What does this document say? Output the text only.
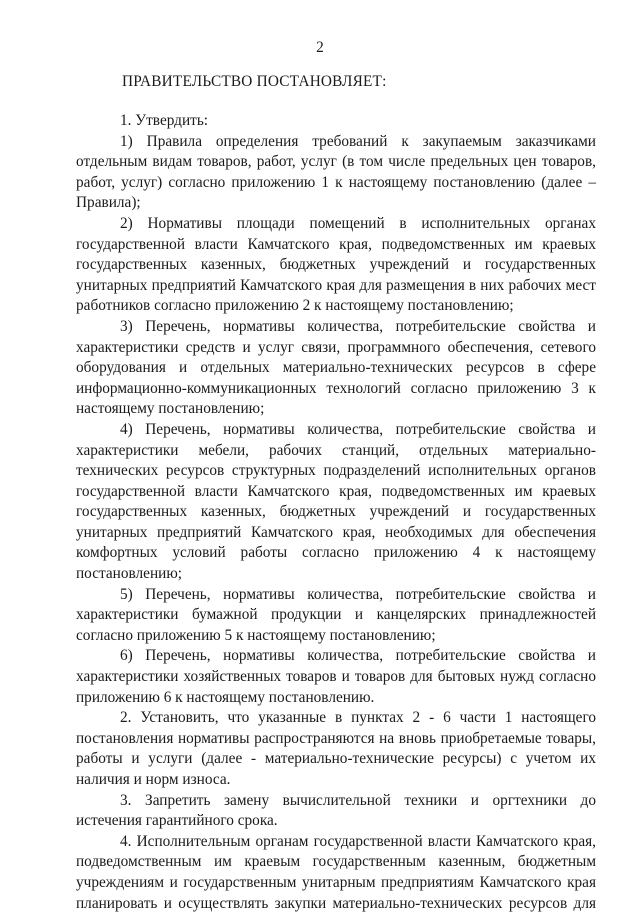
2
ПРАВИТЕЛЬСТВО ПОСТАНОВЛЯЕТ:

1. Утвердить:

1) Правила определения требований к закупаемым заказчиками отдельным видам товаров, работ, услуг (в том числе предельных цен товаров, работ, услуг) согласно приложению 1 к настоящему постановлению (далее – Правила);

2) Нормативы площади помещений в исполнительных органах государственной власти Камчатского края, подведомственных им краевых государственных казенных, бюджетных учреждений и государственных унитарных предприятий Камчатского края для размещения в них рабочих мест работников согласно приложению 2 к настоящему постановлению;

3) Перечень, нормативы количества, потребительские свойства и характеристики средств и услуг связи, программного обеспечения, сетевого оборудования и отдельных материально-технических ресурсов в сфере информационно-коммуникационных технологий согласно приложению 3 к настоящему постановлению;

4) Перечень, нормативы количества, потребительские свойства и характеристики мебели, рабочих станций, отдельных материально-технических ресурсов структурных подразделений исполнительных органов государственной власти Камчатского края, подведомственных им краевых государственных казенных, бюджетных учреждений и государственных унитарных предприятий Камчатского края, необходимых для обеспечения комфортных условий работы согласно приложению 4 к настоящему постановлению;

5) Перечень, нормативы количества, потребительские свойства и характеристики бумажной продукции и канцелярских принадлежностей согласно приложению 5 к настоящему постановлению;

6) Перечень, нормативы количества, потребительские свойства и характеристики хозяйственных товаров и товаров для бытовых нужд согласно приложению 6 к настоящему постановлению.

2. Установить, что указанные в пунктах 2 - 6 части 1 настоящего постановления нормативы распространяются на вновь приобретаемые товары, работы и услуги (далее - материально-технические ресурсы) с учетом их наличия и норм износа.

3. Запретить замену вычислительной техники и оргтехники до истечения гарантийного срока.

4. Исполнительным органам государственной власти Камчатского края, подведомственным им краевым государственным казенным, бюджетным учреждениям и государственным унитарным предприятиям Камчатского края планировать и осуществлять закупки материально-технических ресурсов для
